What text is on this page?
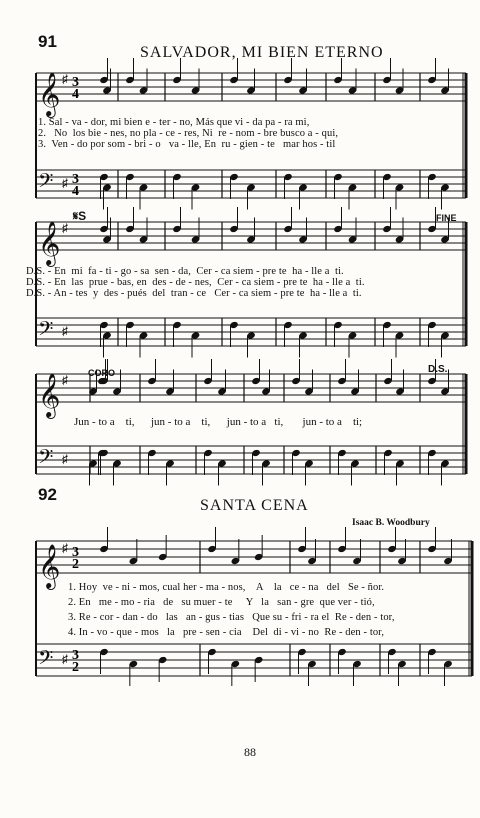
91
SALVADOR, MI BIEN ETERNO
𝄞
𝄢
♯
♯
3
4
3
4
𝄞
𝄢
♯
♯
𝄞
𝄢
♯
♯
𝄞
𝄢
♯
♯
3
2
3
2
1. Sal - va - dor, mi bien e - ter - no, Más que vi - da pa - ra mi,
2.   No  los bie - nes, no pla - ce - res, Ni  re - nom - bre busco a - qui,
3.  Ven - do por som - bri - o   va - lle, En  ru - gien - te   mar hos - til
𝄋S	FINE
D.S. - En  mi  fa - ti - go - sa  sen - da,  Cer - ca siem - pre te  ha - lle a  ti.
D.S. - En  las  prue - bas, en  des - de - nes,  Cer - ca siem - pre te  ha - lle a  ti.
D.S. - An - tes  y  des - pués  del  tran - ce   Cer - ca siem - pre te  ha - lle a  ti.
CORO	D.S.
Jun - to a    ti,      jun - to a    ti,      jun - to a   ti,       jun - to a    ti;
92
SANTA CENA
Isaac B. Woodbury
1. Hoy  ve - ni - mos, cual her - ma - nos,    A    la   ce - na   del   Se - ñor.
2. En   me - mo - ria   de   su muer - te     Y   la   san - gre  que ver - tió,
3. Re - cor - dan - do   las   an - gus - tias   Que su - fri - ra el  Re - den - tor,
4. In - vo - que - mos   la   pre - sen - cia    Del  di - vi - no  Re - den - tor,
88
